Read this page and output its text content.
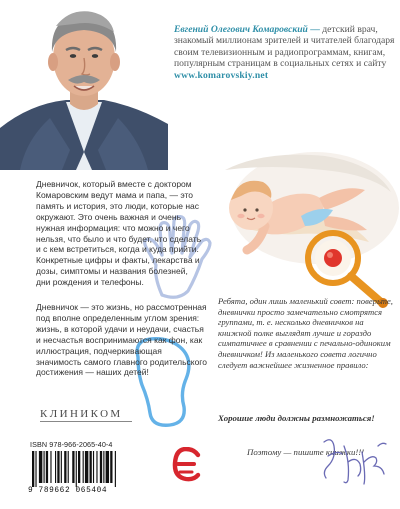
Евгений Олегович Комаровский — детский врач, знакомый миллионам зрителей и читателей благодаря своим телевизионным и радиопрограммам, книгам, популярным страницам в социальных сетях и сайту www.komarovskiy.net
Дневничок, который вместе с доктором Комаровским ведут мама и папа, — это память и история, это люди, которые нас окружают. Это очень важная и очень нужная информация: что можно и чего нельзя, что было и что будет, что сделать и с кем встретиться, когда и куда прийти. Конкретные цифры и факты, лекарства и дозы, симптомы и названия болезней, дни рождения и телефоны.
Дневничок — это жизнь, но рассмотренная под вполне определенным углом зрения: жизнь, в которой удачи и неудачи, счастья и несчастья воспринимаются как фон, как иллюстрация, подчеркивающая значимость самого главного родительского достижения — наших детей!
Ребята, один лишь маленький совет: поверьте, дневнички просто замечательно смотрятся группами, т. е. несколько дневничков на книжной полке выглядят лучше и гораздо симпатичнее в сравнении с печально-одиноким дневничком! Из маленького совета логично следует важнейшее жизненное правило:
Хорошие люди должны размножаться!
Поэтому — пишите книжки!!!
КЛИНИКОМ
ISBN 978-966-2065-40-4
9 789662 065404
